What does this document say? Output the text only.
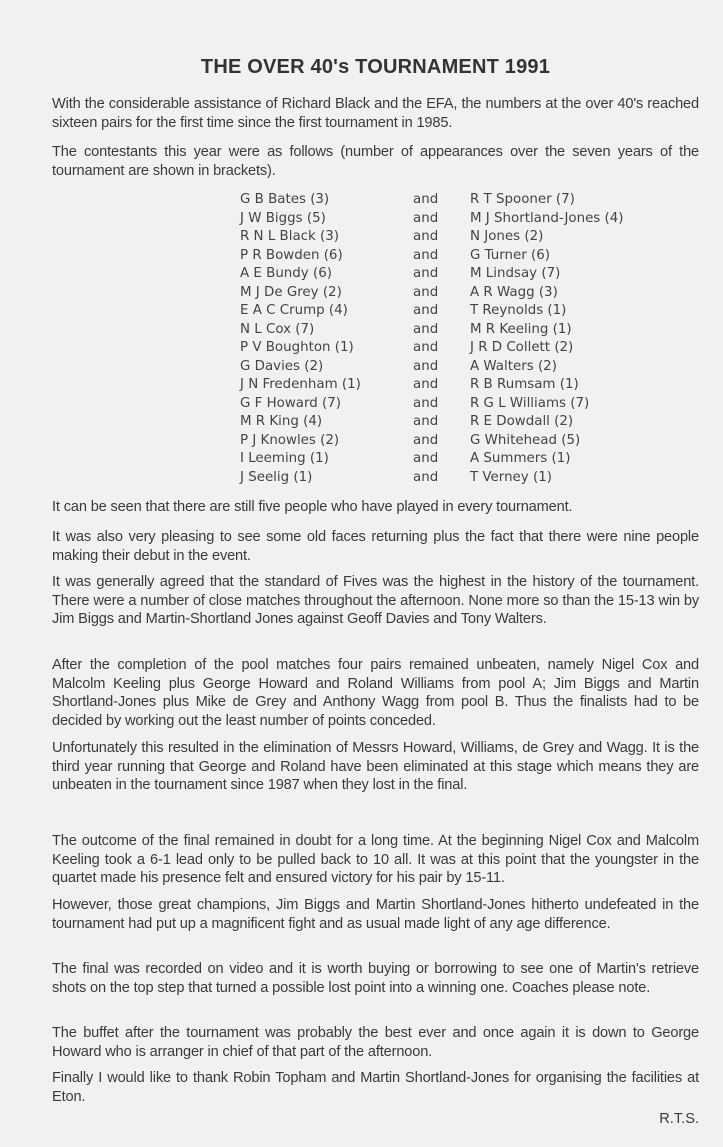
THE OVER 40's TOURNAMENT 1991

With the considerable assistance of Richard Black and the EFA, the numbers at the over 40's reached sixteen pairs for the first time since the first tournament in 1985.

The contestants this year were as follows (number of appearances over the seven years of the tournament are shown in brackets).

G B Bates (3)	and	R T Spooner (7)
J W Biggs (5)	and	M J Shortland-Jones (4)
R N L Black (3)	and	N Jones (2)
P R Bowden (6)	and	G Turner (6)
A E Bundy (6)	and	M Lindsay (7)
M J De Grey (2)	and	A R Wagg (3)
E A C Crump (4)	and	T Reynolds (1)
N L Cox (7)	and	M R Keeling (1)
P V Boughton (1)	and	J R D Collett (2)
G Davies (2)	and	A Walters (2)
J N Fredenham (1)	and	R B Rumsam (1)
G F Howard (7)	and	R G L Williams (7)
M R King (4)	and	R E Dowdall (2)
P J Knowles (2)	and	G Whitehead (5)
I Leeming (1)	and	A Summers (1)
J Seelig (1)	and	T Verney (1)

It can be seen that there are still five people who have played in every tournament.

It was also very pleasing to see some old faces returning plus the fact that there were nine people making their debut in the event.

It was generally agreed that the standard of Fives was the highest in the history of the tournament. There were a number of close matches throughout the afternoon. None more so than the 15-13 win by Jim Biggs and Martin-Shortland Jones against Geoff Davies and Tony Walters.

After the completion of the pool matches four pairs remained unbeaten, namely Nigel Cox and Malcolm Keeling plus George Howard and Roland Williams from pool A; Jim Biggs and Martin Shortland-Jones plus Mike de Grey and Anthony Wagg from pool B. Thus the finalists had to be decided by working out the least number of points conceded.

Unfortunately this resulted in the elimination of Messrs Howard, Williams, de Grey and Wagg. It is the third year running that George and Roland have been eliminated at this stage which means they are unbeaten in the tournament since 1987 when they lost in the final.

The outcome of the final remained in doubt for a long time. At the beginning Nigel Cox and Malcolm Keeling took a 6-1 lead only to be pulled back to 10 all. It was at this point that the youngster in the quartet made his presence felt and ensured victory for his pair by 15-11.

However, those great champions, Jim Biggs and Martin Shortland-Jones hitherto undefeated in the tournament had put up a magnificent fight and as usual made light of any age difference.

The final was recorded on video and it is worth buying or borrowing to see one of Martin's retrieve shots on the top step that turned a possible lost point into a winning one. Coaches please note.

The buffet after the tournament was probably the best ever and once again it is down to George Howard who is arranger in chief of that part of the afternoon.

Finally I would like to thank Robin Topham and Martin Shortland-Jones for organising the facilities at Eton.

R.T.S.
